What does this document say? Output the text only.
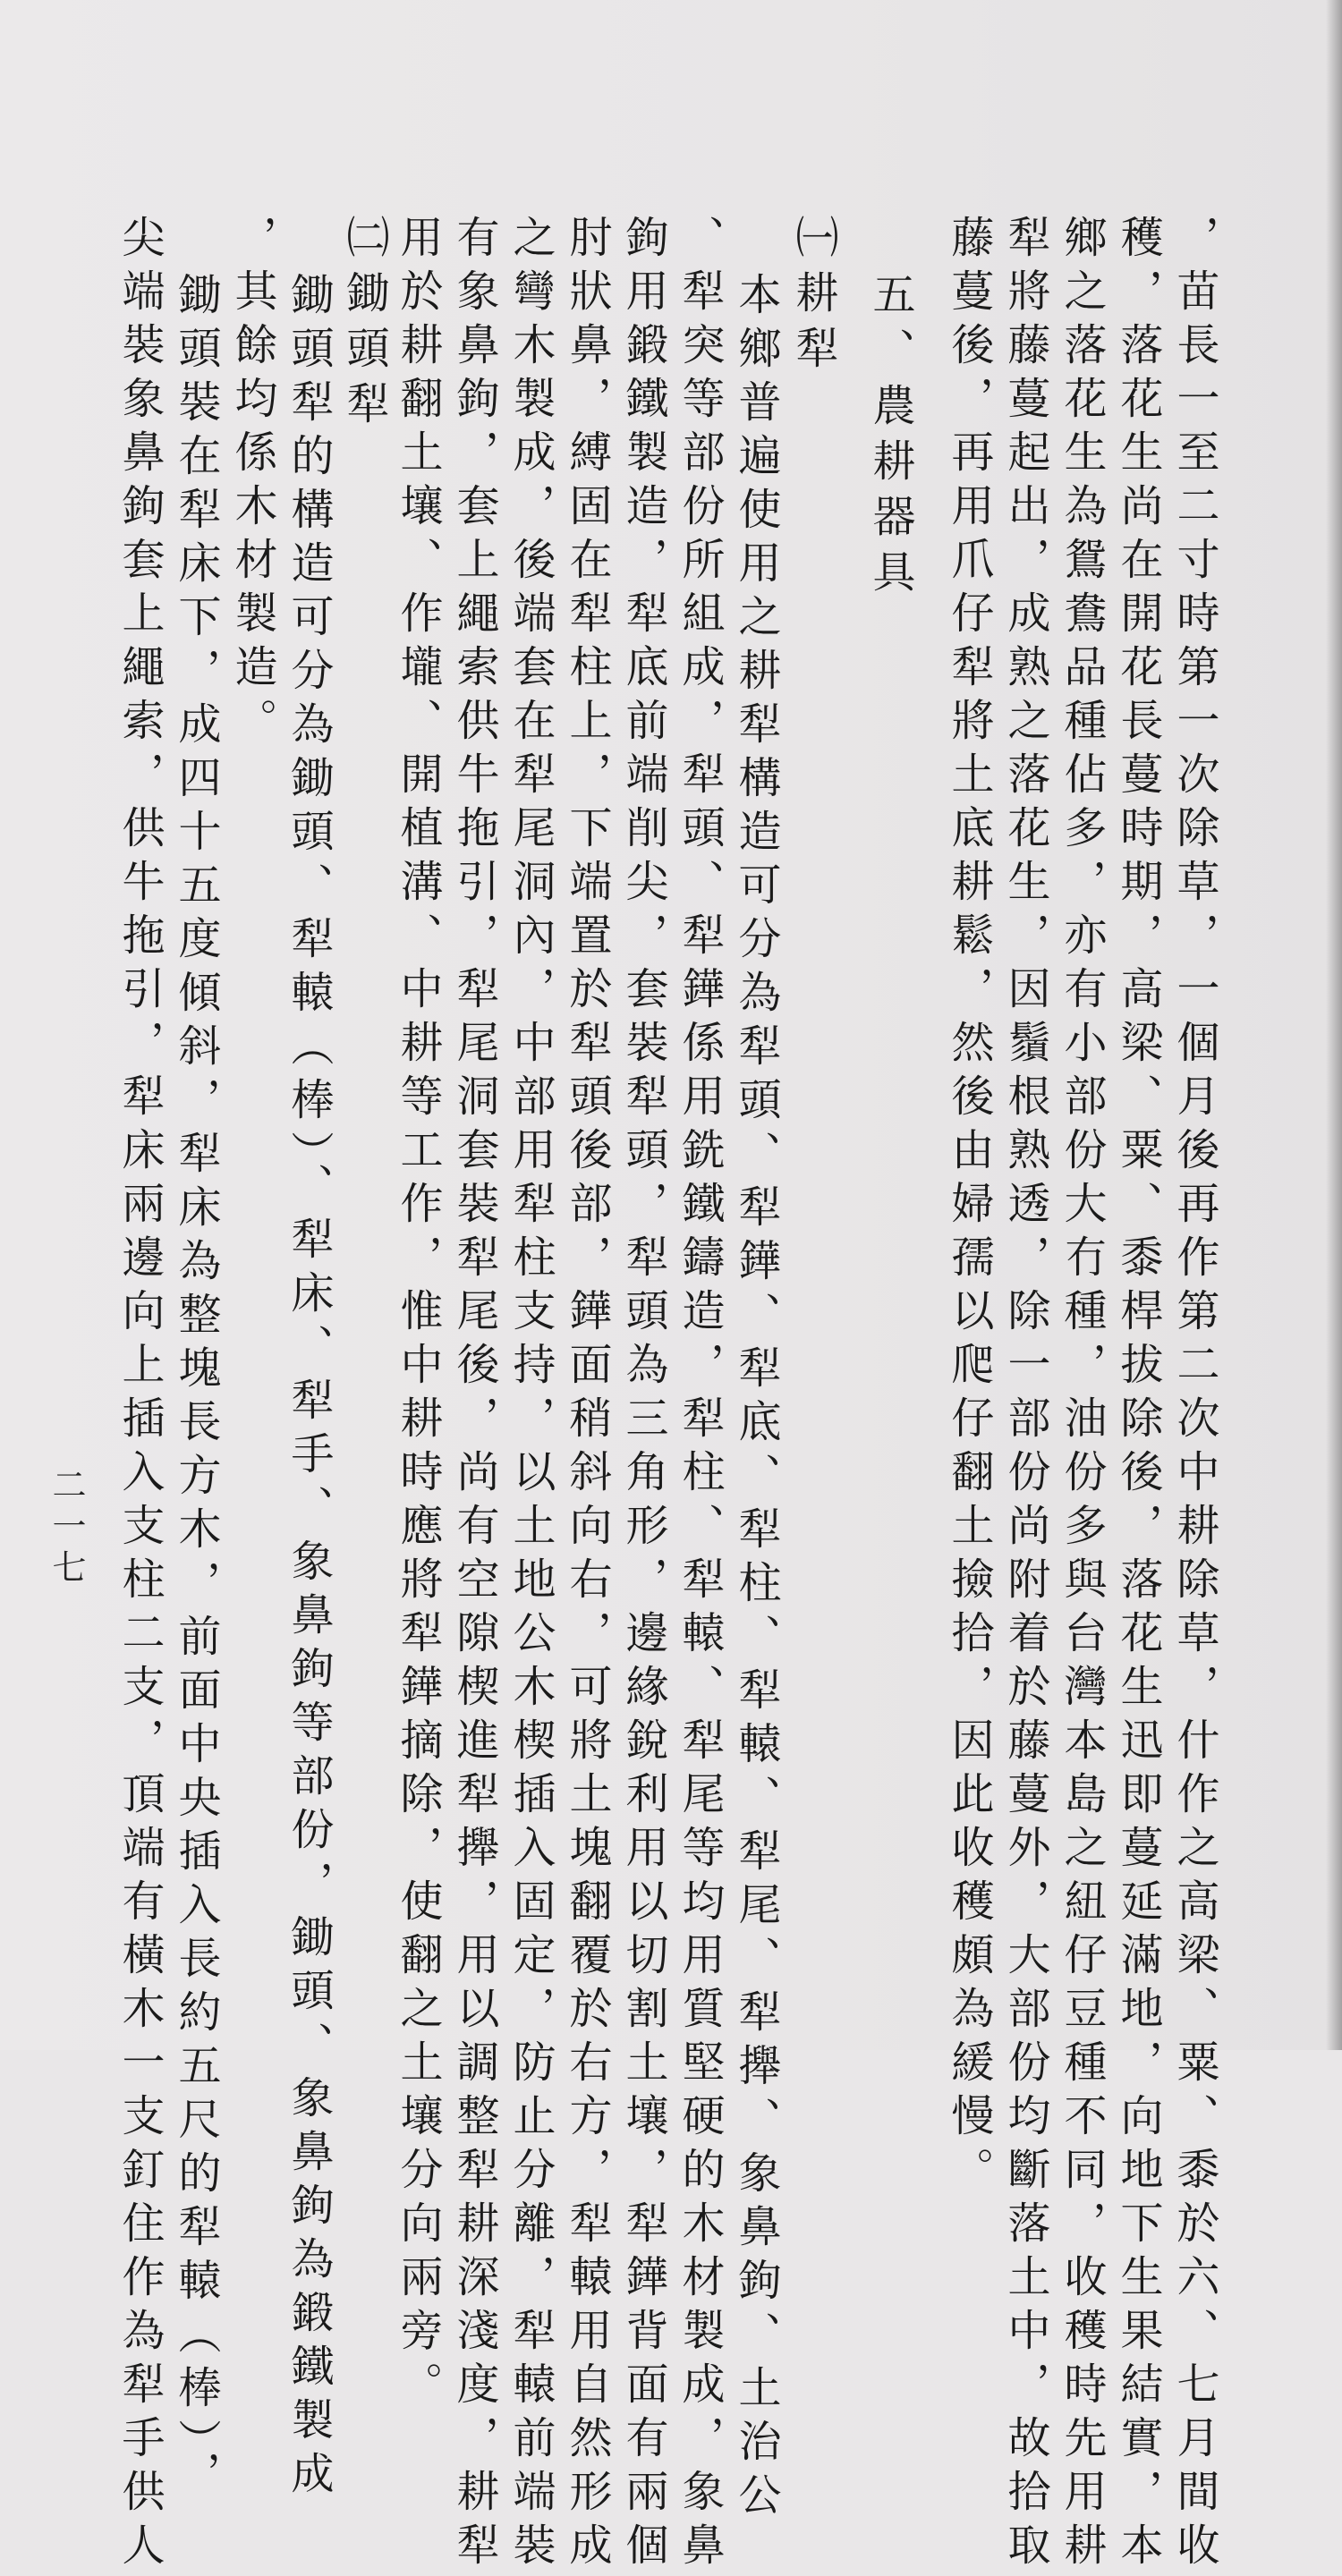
，苗長一至二寸時第一次除草，一個月後再作第二次中耕除草，什作之高梁、粟、黍於六、七月間收
穫，落花生尚在開花長蔓時期，高梁、粟、黍桿拔除後，落花生迅即蔓延滿地，向地下生果結實，本
鄉之落花生為鴛鴦品種佔多，亦有小部份大冇種，油份多與台灣本島之紐仔豆種不同，收穫時先用耕
犁將藤蔓起出，成熟之落花生，因鬚根熟透，除一部份尚附着於藤蔓外，大部份均斷落土中，故拾取
藤蔓後，再用爪仔犁將土底耕鬆，然後由婦孺以爬仔翻土撿拾，因此收穫頗為緩慢。
五、農耕器具
㈠耕犁
本鄉普遍使用之耕犁構造可分為犁頭、犁鏵、犁底、犁柱、犁轅、犁尾、犁攑、象鼻鉤、土治公
、犁突等部份所組成，犁頭、犁鏵係用銑鐵鑄造，犁柱、犁轅、犁尾等均用質堅硬的木材製成，象鼻
鉤用鍛鐵製造，犁底前端削尖，套裝犁頭，犁頭為三角形，邊緣銳利用以切割土壤，犁鏵背面有兩個
肘狀鼻，縛固在犁柱上，下端置於犁頭後部，鏵面稍斜向右，可將土塊翻覆於右方，犁轅用自然形成
之彎木製成，後端套在犁尾洞內，中部用犁柱支持，以土地公木楔插入固定，防止分離，犁轅前端裝
有象鼻鉤，套上繩索供牛拖引，犁尾洞套裝犁尾後，尚有空隙楔進犁攑，用以調整犁耕深淺度，耕犁
用於耕翻土壤、作壠、開植溝、中耕等工作，惟中耕時應將犁鏵摘除，使翻之土壤分向兩旁。
㈡鋤頭犁
鋤頭犁的構造可分為鋤頭、犁轅（棒）、犁床、犁手、象鼻鉤等部份，鋤頭、象鼻鉤為鍛鐵製成
，其餘均係木材製造。
鋤頭裝在犁床下，成四十五度傾斜，犁床為整塊長方木，前面中央插入長約五尺的犁轅（棒），
尖端裝象鼻鉤套上繩索，供牛拖引，犁床兩邊向上插入支柱二支，頂端有橫木一支釘住作為犁手供人
二一七
